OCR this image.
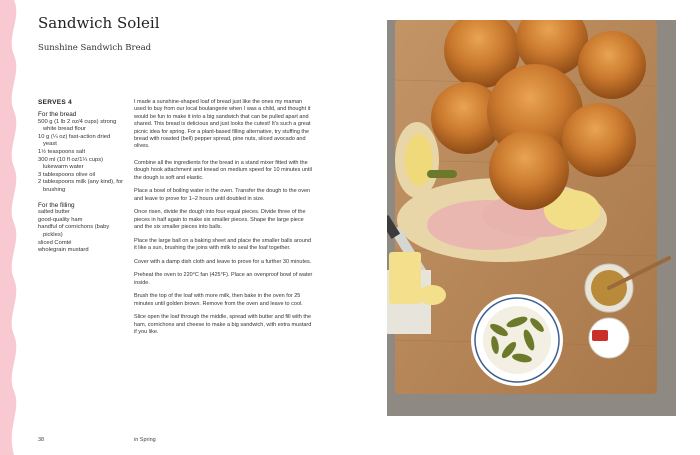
Sandwich Soleil
Sunshine Sandwich Bread
SERVES 4
For the bread
500 g (1 lb 2 oz/4 cups) strong white bread flour
10 g (¼ oz) fast-action dried yeast
1½ teaspoons salt
300 ml (10 fl oz/1¼ cups) lukewarm water
3 tablespoons olive oil
2 tablespoons milk (any kind), for brushing
For the filling
salted butter
good-quality ham
handful of cornichons (baby pickles)
sliced Comté
wholegrain mustard

I made a sunshine-shaped loaf of bread just like the ones my maman used to buy from our local boulangerie when I was a child, and thought it would be fun to make it into a big sandwich that can be pulled apart and shared. This bread is delicious and just looks the cutest! It's such a great picnic idea for spring. For a plant-based filling alternative, try stuffing the bread with roasted (bell) pepper spread, pine nuts, sliced avocado and olives.

Combine all the ingredients for the bread in a stand mixer fitted with the dough hook attachment and knead on medium speed for 10 minutes until the dough is soft and elastic.

Place a bowl of boiling water in the oven. Transfer the dough to the oven and leave to prove for 1–2 hours until doubled in size.

Once risen, divide the dough into four equal pieces. Divide three of the pieces in half again to make six smaller pieces. Shape the large piece and the six smaller pieces into balls.

Place the large ball on a baking sheet and place the smaller balls around it like a sun, brushing the joins with milk to seal the loaf together.

Cover with a damp dish cloth and leave to prove for a further 30 minutes.

Preheat the oven to 220°C fan (425°F). Place an ovenproof bowl of water inside.

Brush the top of the loaf with more milk, then bake in the oven for 25 minutes until golden brown. Remove from the oven and leave to cool.

Slice open the loaf through the middle, spread with butter and fill with the ham, cornichons and cheese to make a big sandwich, with extra mustard if you like.

38	in Spring
